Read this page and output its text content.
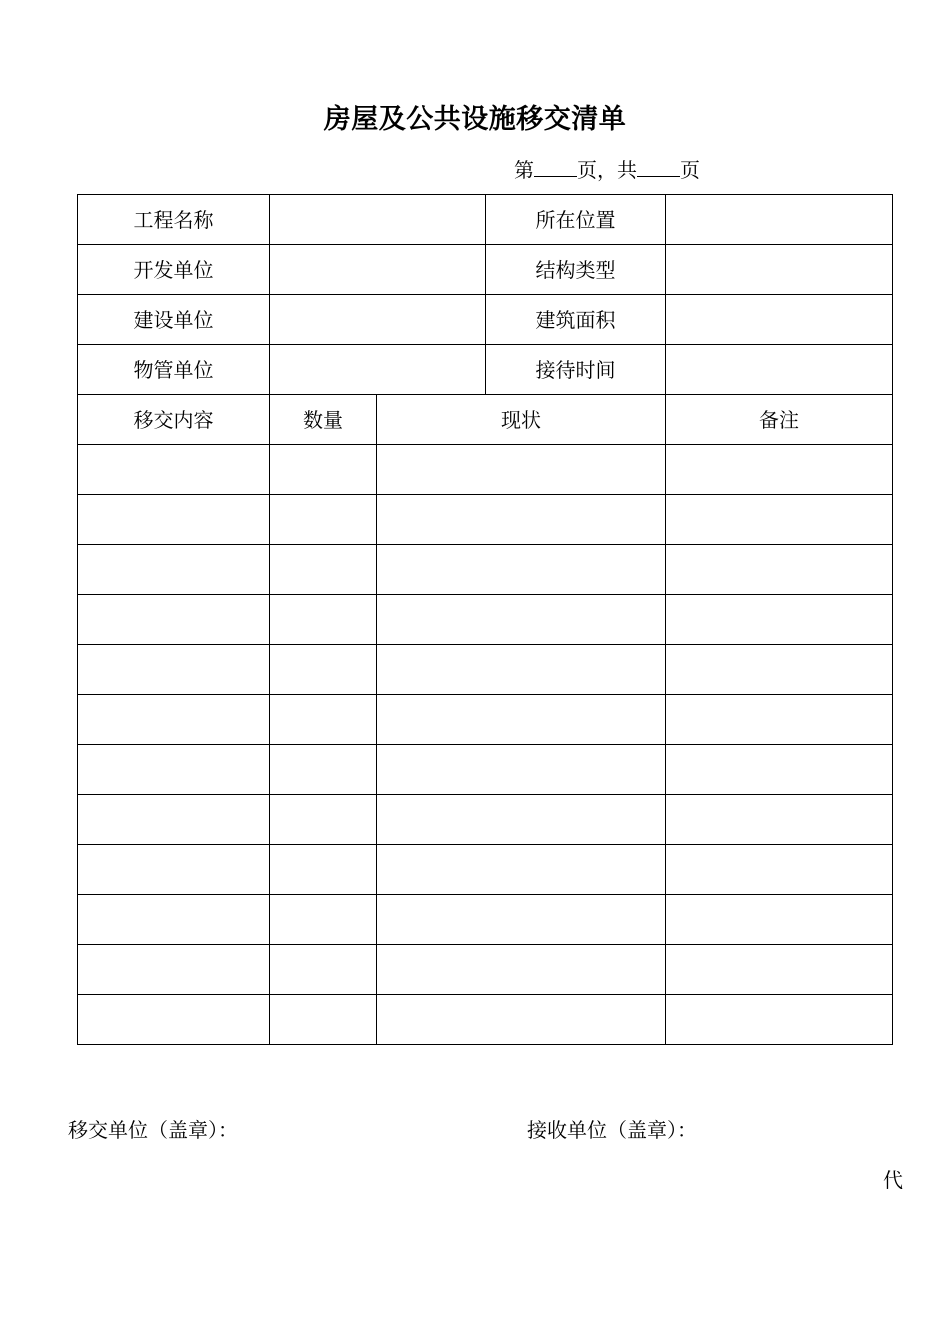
房屋及公共设施移交清单
第 页，共 页
工程名称			所在位置	
开发单位			结构类型	
建设单位			建筑面积	
物管单位			接待时间	
移交内容	数量	现状		备注

移交单位（盖章）：	接收单位（盖章）：
代
